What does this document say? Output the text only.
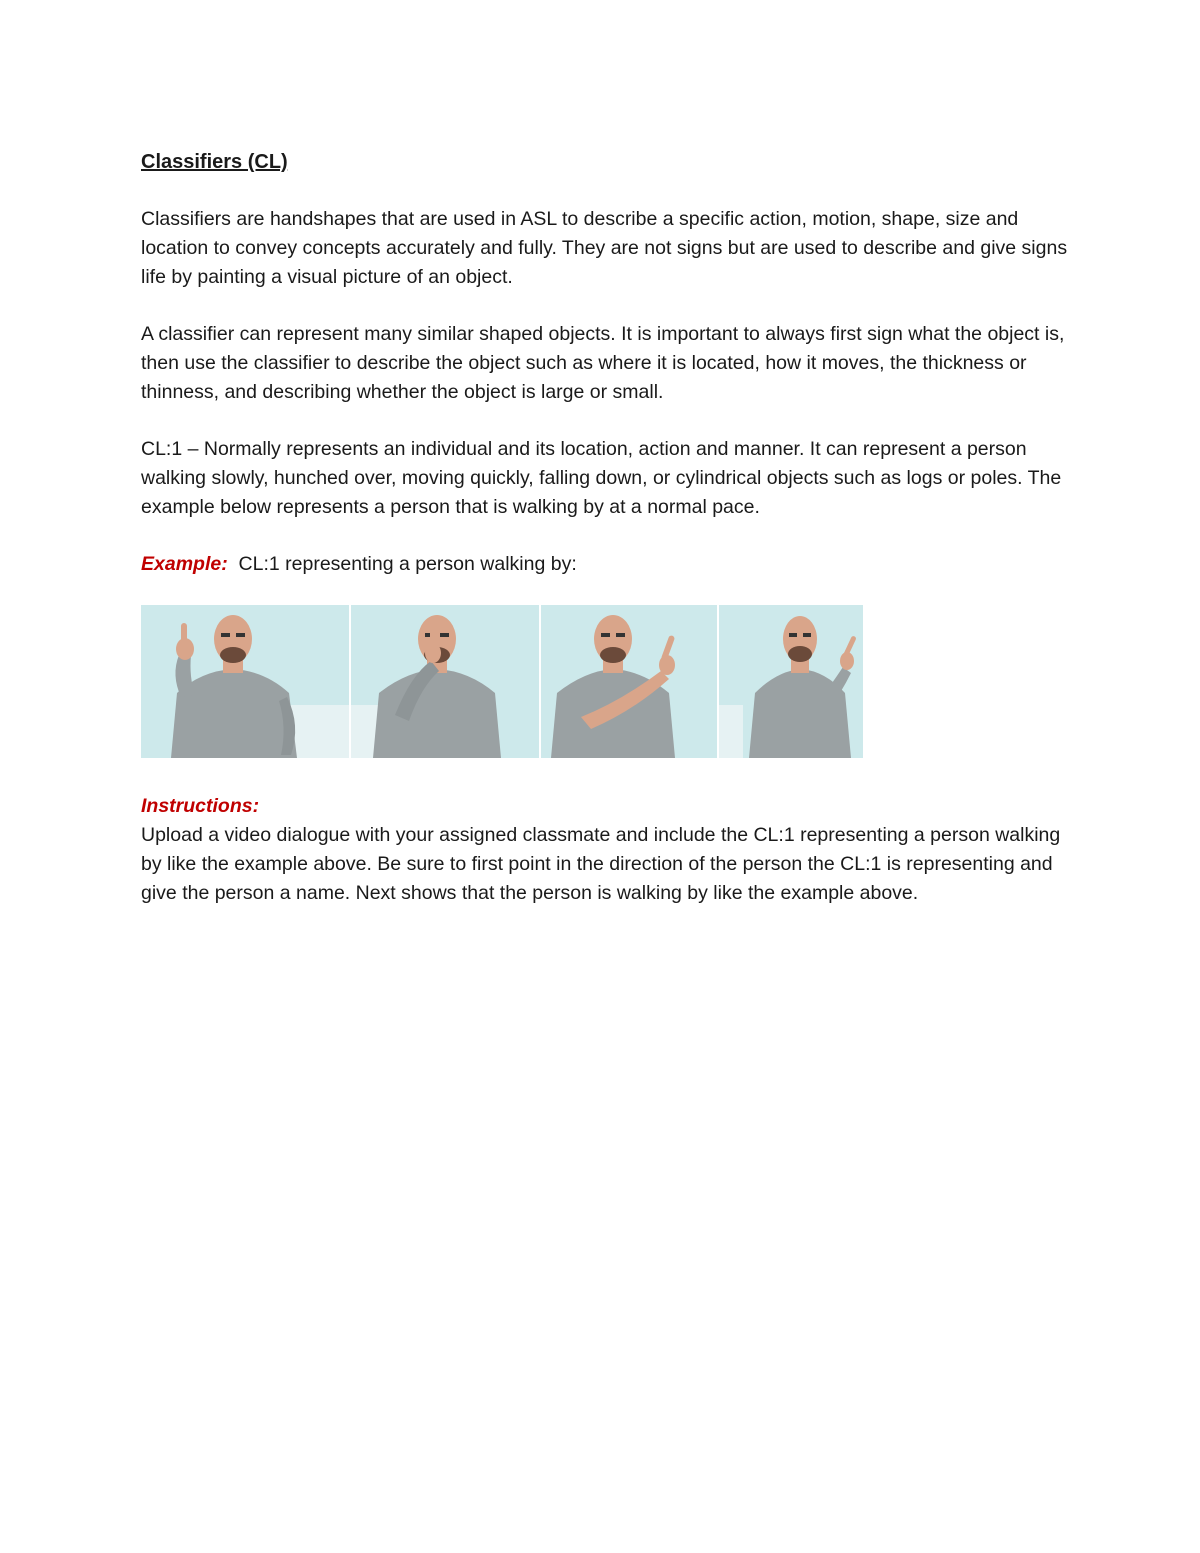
Classifiers (CL)

Classifiers are handshapes that are used in ASL to describe a specific action, motion, shape, size and location to convey concepts accurately and fully. They are not signs but are used to describe and give signs life by painting a visual picture of an object.

A classifier can represent many similar shaped objects. It is important to always first sign what the object is, then use the classifier to describe the object such as where it is located, how it moves, the thickness or thinness, and describing whether the object is large or small.

CL:1 – Normally represents an individual and its location, action and manner. It can represent a person walking slowly, hunched over, moving quickly, falling down, or cylindrical objects such as logs or poles. The example below represents a person that is walking by at a normal pace.

Example: CL:1 representing a person walking by:
Instructions:

Upload a video dialogue with your assigned classmate and include the CL:1 representing a person walking by like the example above. Be sure to first point in the direction of the person the CL:1 is representing and give the person a name. Next shows that the person is walking by like the example above.
